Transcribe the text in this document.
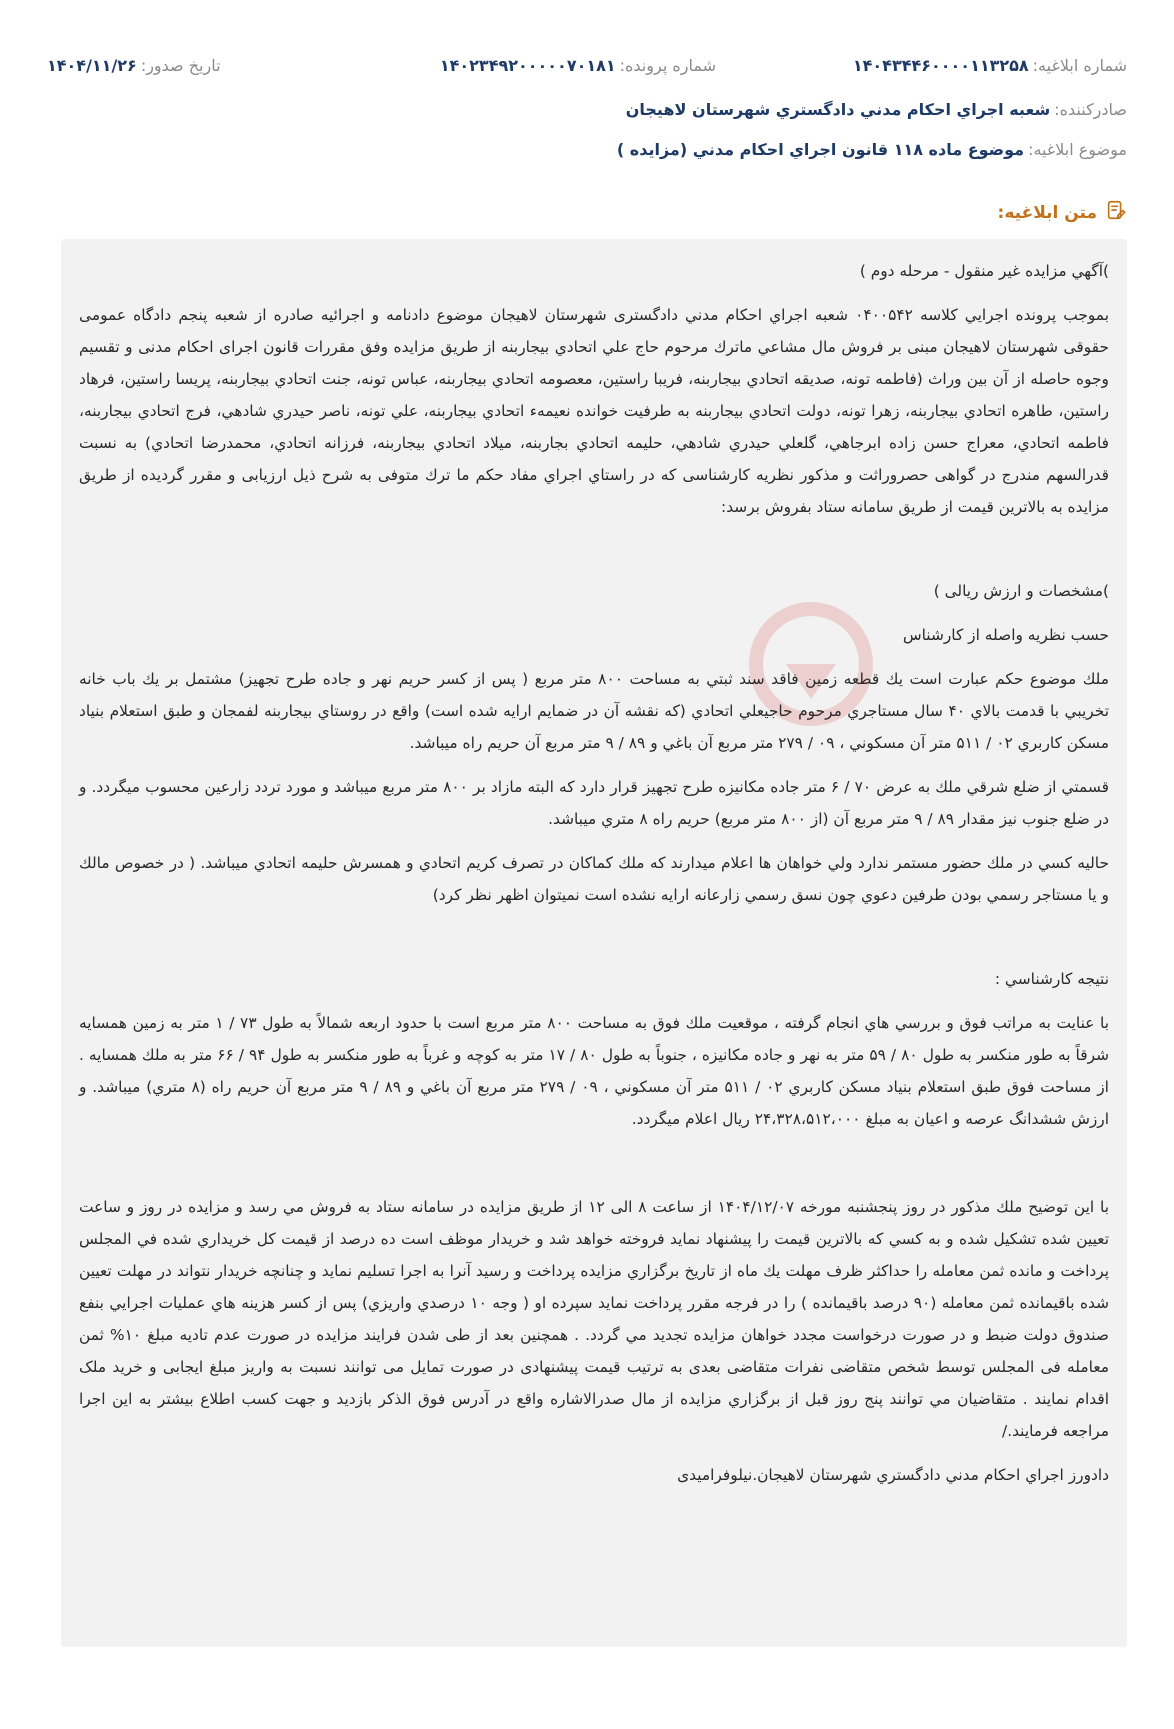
شماره ابلاغيه:
۱۴۰۴۳۴۴۶۰۰۰۰۱۱۳۲۵۸
شماره پرونده:
۱۴۰۲۳۴۹۲۰۰۰۰۰۷۰۱۸۱
تاريخ صدور:
۱۴۰۴/۱۱/۲۶
صادرکننده:
شعبه اجراي احکام مدني دادگستري شهرستان لاهيجان
موضوع ابلاغيه:
موضوع ماده ۱۱۸ قانون اجراي احکام مدني (مزايده )
متن ابلاغيه:

)آگهي مزايده غير منقول - مرحله دوم )

بموجب پرونده اجرايي كلاسه ۰۴۰۰۵۴۲ شعبه اجراي احكام مدني دادگستری شهرستان لاهيجان موضوع دادنامه و اجرائيه صادره از شعبه پنجم دادگاه عمومی حقوقی شهرستان لاهیجان مبنی بر فروش مال مشاعي ماترك مرحوم حاج علي اتحادي بيجاربنه از طريق مزايده وفق مقررات قانون اجرای احکام مدنی و تقسيم وجوه حاصله از آن بين وراث (فاطمه تونه، صديقه اتحادي بيجاربنه، فريبا راستين، معصومه اتحادي بيجاربنه، عباس تونه، جنت اتحادي بيجاربنه، پريسا راستين، فرهاد راستين، طاهره اتحادي بيجاربنه، زهرا تونه، دولت اتحادي بيجاربنه به طرفيت خوانده نعيمهء اتحادي بيجاربنه، علي تونه، ناصر حيدري شادهي، فرج اتحادي بيجاربنه، فاطمه اتحادي، معراج حسن زاده ابرجاهي، گلعلي حيدري شادهي، حليمه اتحادي بجاربنه، ميلاد اتحادي بيجاربنه، فرزانه اتحادي، محمدرضا اتحادي) به نسبت قدرالسهم مندرج در گواهی حصروراثت و مذكور نظريه كارشناسی كه در راستاي اجراي مفاد حكم ما ترك متوفی به شرح ذيل ارزيابی و مقرر گرديده از طريق مزايده به بالاترين قيمت از طريق سامانه ستاد بفروش برسد:

)مشخصات و ارزش ريالی )

حسب نظريه واصله از كارشناس

ملك موضوع حكم عبارت است يك قطعه زمين فاقد سند ثبتي به مساحت ۸۰۰ متر مربع ( پس از كسر حريم نهر و جاده طرح تجهيز) مشتمل بر يك باب خانه تخريبي با قدمت بالاي ۴۰ سال مستاجري مرحوم حاجيعلي اتحادي (كه نقشه آن در ضمايم ارايه شده است) واقع در روستاي بيجاربنه لفمجان و طبق استعلام بنياد مسكن كاربري ۰۲ / ۵۱۱ متر آن مسكوني ، ۰۹ / ۲۷۹ متر مربع آن باغي و ۸۹ / ۹ متر مربع آن حريم راه ميباشد.

قسمتي از ضلع شرقي ملك به عرض ۷۰ / ۶ متر جاده مكانيزه طرح تجهيز قرار دارد كه البته مازاد بر ۸۰۰ متر مربع ميباشد و مورد تردد زارعين محسوب ميگردد. و در ضلع جنوب نيز مقدار ۸۹ / ۹ متر مربع آن (از ۸۰۰ متر مربع) حريم راه ۸ متري ميباشد.

حاليه كسي در ملك حضور مستمر ندارد ولي خواهان ها اعلام ميدارند كه ملك كماكان در تصرف كريم اتحادي و همسرش حليمه اتحادي ميباشد. ( در خصوص مالك و يا مستاجر رسمي بودن طرفين دعوي چون نسق رسمي زارعانه ارايه نشده است نميتوان اظهر نظر كرد)

نتيجه كارشناسي :

با عنايت به مراتب فوق و بررسي هاي انجام گرفته ، موقعيت ملك فوق به مساحت ۸۰۰ متر مربع است با حدود اربعه شمالاً به طول ۷۳ / ۱ متر به زمين همسايه شرقاً به طور منكسر به طول ۸۰ / ۵۹ متر به نهر و جاده مكانيزه ، جنوباً به طول ۸۰ / ۱۷ متر به كوچه و غرباً به طور منكسر به طول ۹۴ / ۶۶ متر به ملك همسايه . از مساحت فوق طبق استعلام بنياد مسكن كاربري ۰۲ / ۵۱۱ متر آن مسكوني ، ۰۹ / ۲۷۹ متر مربع آن باغي و ۸۹ / ۹ متر مربع آن حريم راه (۸ متري) ميباشد. و ارزش ششدانگ عرصه و اعيان به مبلغ ۲۴،۳۲۸،۵۱۲،۰۰۰ ريال اعلام ميگردد.

با اين توضيح ملك مذكور در روز پنجشنبه مورخه ۱۴۰۴/۱۲/۰۷ از ساعت ۸ الی ۱۲ از طريق مزايده در سامانه ستاد به فروش مي رسد و مزايده در روز و ساعت تعيين شده تشكيل شده و به كسي كه بالاترين قيمت را پيشنهاد نمايد فروخته خواهد شد و خريدار موظف است ده درصد از قيمت كل خريداري شده في المجلس پرداخت و مانده ثمن معامله را حداكثر ظرف مهلت يك ماه از تاريخ برگزاري مزايده پرداخت و رسيد آنرا به اجرا تسليم نمايد و چنانچه خريدار نتواند در مهلت تعيين شده باقيمانده ثمن معامله (۹۰ درصد باقيمانده ) را در فرجه مقرر پرداخت نمايد سپرده او ( وجه ۱۰ درصدي واريزي) پس از كسر هزينه هاي عمليات اجرايي بنفع صندوق دولت ضبط و در صورت درخواست مجدد خواهان مزايده تجديد مي گردد. . همچنين بعد از طی شدن فرايند مزايده در صورت عدم تاديه مبلغ ۱۰% ثمن معامله فی المجلس توسط شخص متقاضی نفرات متقاضی بعدی به ترتيب قيمت پيشنهادی در صورت تمايل می توانند نسبت به واريز مبلغ ايجابی و خريد ملک اقدام نمايند . متقاضيان مي توانند پنج روز قبل از برگزاري مزايده از مال صدرالاشاره واقع در آدرس فوق الذكر بازديد و جهت كسب اطلاع بيشتر به اين اجرا مراجعه فرمايند./

دادورز اجراي احكام مدني دادگستري شهرستان لاهيجان.نيلوفراميدی
